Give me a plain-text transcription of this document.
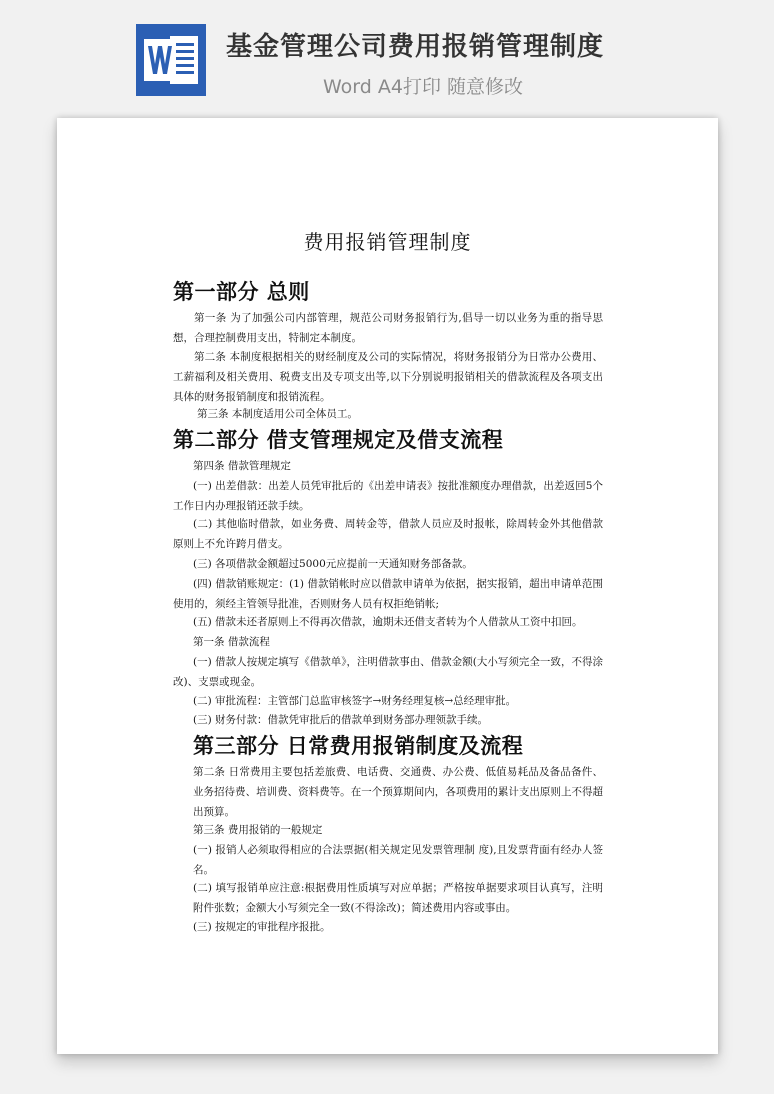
基金管理公司费用报销管理制度
Word A4打印 随意修改

费用报销管理制度
第一部分 总则
第一条 为了加强公司内部管理，规范公司财务报销行为,倡导一切以业务为重的指导思想，合理控制费用支出，特制定本制度。
第二条 本制度根据相关的财经制度及公司的实际情况，将财务报销分为日常办公费用、工薪福利及相关费用、税费支出及专项支出等,以下分别说明报销相关的借款流程及各项支出具体的财务报销制度和报销流程。
第三条 本制度适用公司全体员工。
第二部分 借支管理规定及借支流程
第四条 借款管理规定
(一) 出差借款：出差人员凭审批后的《出差申请表》按批准额度办理借款，出差返回5个工作日内办理报销还款手续。
(二) 其他临时借款，如业务费、周转金等，借款人员应及时报帐，除周转金外其他借款原则上不允许跨月借支。
(三) 各项借款金额超过5000元应提前一天通知财务部备款。
(四) 借款销账规定：(1) 借款销帐时应以借款申请单为依据，据实报销，超出申请单范围使用的，须经主管领导批准，否则财务人员有权拒绝销帐;
(五) 借款未还者原则上不得再次借款，逾期未还借支者转为个人借款从工资中扣回。
第一条 借款流程
(一) 借款人按规定填写《借款单》，注明借款事由、借款金额(大小写须完全一致，不得涂改)、支票或现金。
(二) 审批流程：主管部门总监审核签字→财务经理复核→总经理审批。
(三) 财务付款：借款凭审批后的借款单到财务部办理领款手续。
第三部分 日常费用报销制度及流程
第二条 日常费用主要包括差旅费、电话费、交通费、办公费、低值易耗品及备品备件、业务招待费、培训费、资料费等。在一个预算期间内，各项费用的累计支出原则上不得超出预算。
第三条 费用报销的一般规定
(一) 报销人必须取得相应的合法票据(相关规定见发票管理制 度),且发票背面有经办人签名。
(二) 填写报销单应注意:根据费用性质填写对应单据；严格按单据要求项目认真写，注明附件张数；金额大小写须完全一致(不得涂改)；简述费用内容或事由。
(三) 按规定的审批程序报批。
